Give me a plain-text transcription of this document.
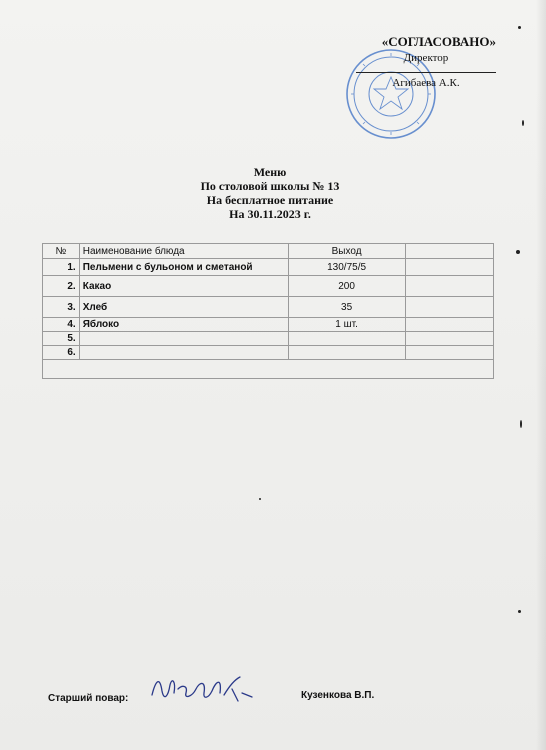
«СОГЛАСОВАНО»
Директор
Агибаева А.К.
Меню
По столовой школы № 13
На бесплатное питание
На 30.11.2023 г.
№	Наименование блюда	Выход	
1.	Пельмени с бульоном и сметаной	130/75/5	
2.	Какао	200	
3.	Хлеб	35	
4.	Яблоко	1 шт.	
5.			
6.			

Старший повар:	Кузенкова В.П.
